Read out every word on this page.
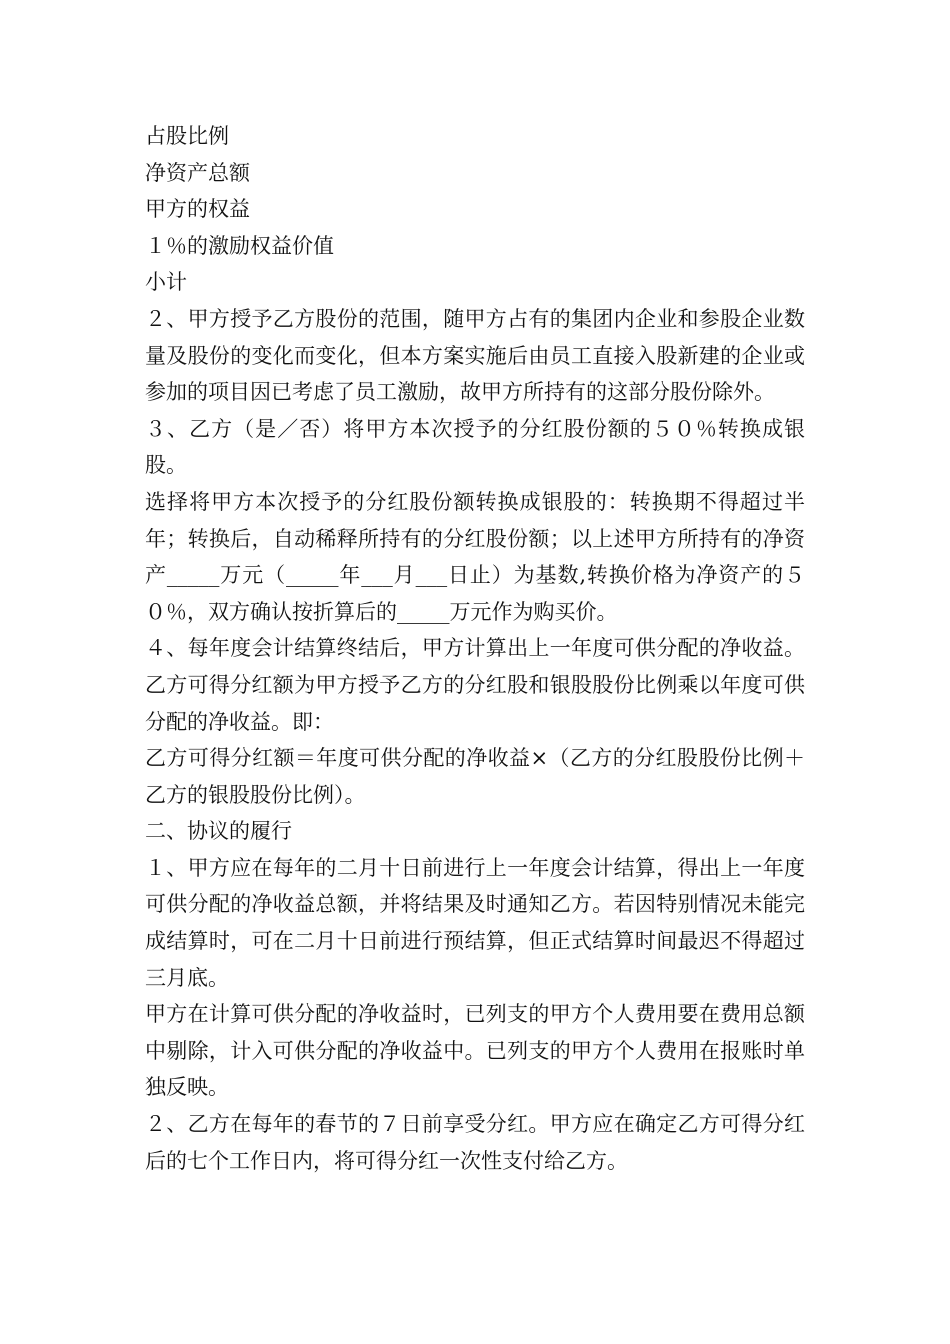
占股比例

净资产总额

甲方的权益

１％的激励权益价值

小计

２、甲方授予乙方股份的范围，随甲方占有的集团内企业和参股企业数量及股份的变化而变化，但本方案实施后由员工直接入股新建的企业或参加的项目因已考虑了员工激励，故甲方所持有的这部分股份除外。

３、乙方（是／否）将甲方本次授予的分红股份额的５０％转换成银股。

选择将甲方本次授予的分红股份额转换成银股的：转换期不得超过半年；转换后，自动稀释所持有的分红股份额；以上述甲方所持有的净资产_____万元（_____年___月___日止）为基数,转换价格为净资产的５０％，双方确认按折算后的_____万元作为购买价。

４、每年度会计结算终结后，甲方计算出上一年度可供分配的净收益。乙方可得分红额为甲方授予乙方的分红股和银股股份比例乘以年度可供分配的净收益。即：

乙方可得分红额＝年度可供分配的净收益×（乙方的分红股股份比例＋乙方的银股股份比例）。

二、协议的履行

１、甲方应在每年的二月十日前进行上一年度会计结算，得出上一年度可供分配的净收益总额，并将结果及时通知乙方。若因特别情况未能完成结算时，可在二月十日前进行预结算，但正式结算时间最迟不得超过三月底。

甲方在计算可供分配的净收益时，已列支的甲方个人费用要在费用总额中剔除，计入可供分配的净收益中。已列支的甲方个人费用在报账时单独反映。

２、乙方在每年的春节的７日前享受分红。甲方应在确定乙方可得分红后的七个工作日内，将可得分红一次性支付给乙方。
